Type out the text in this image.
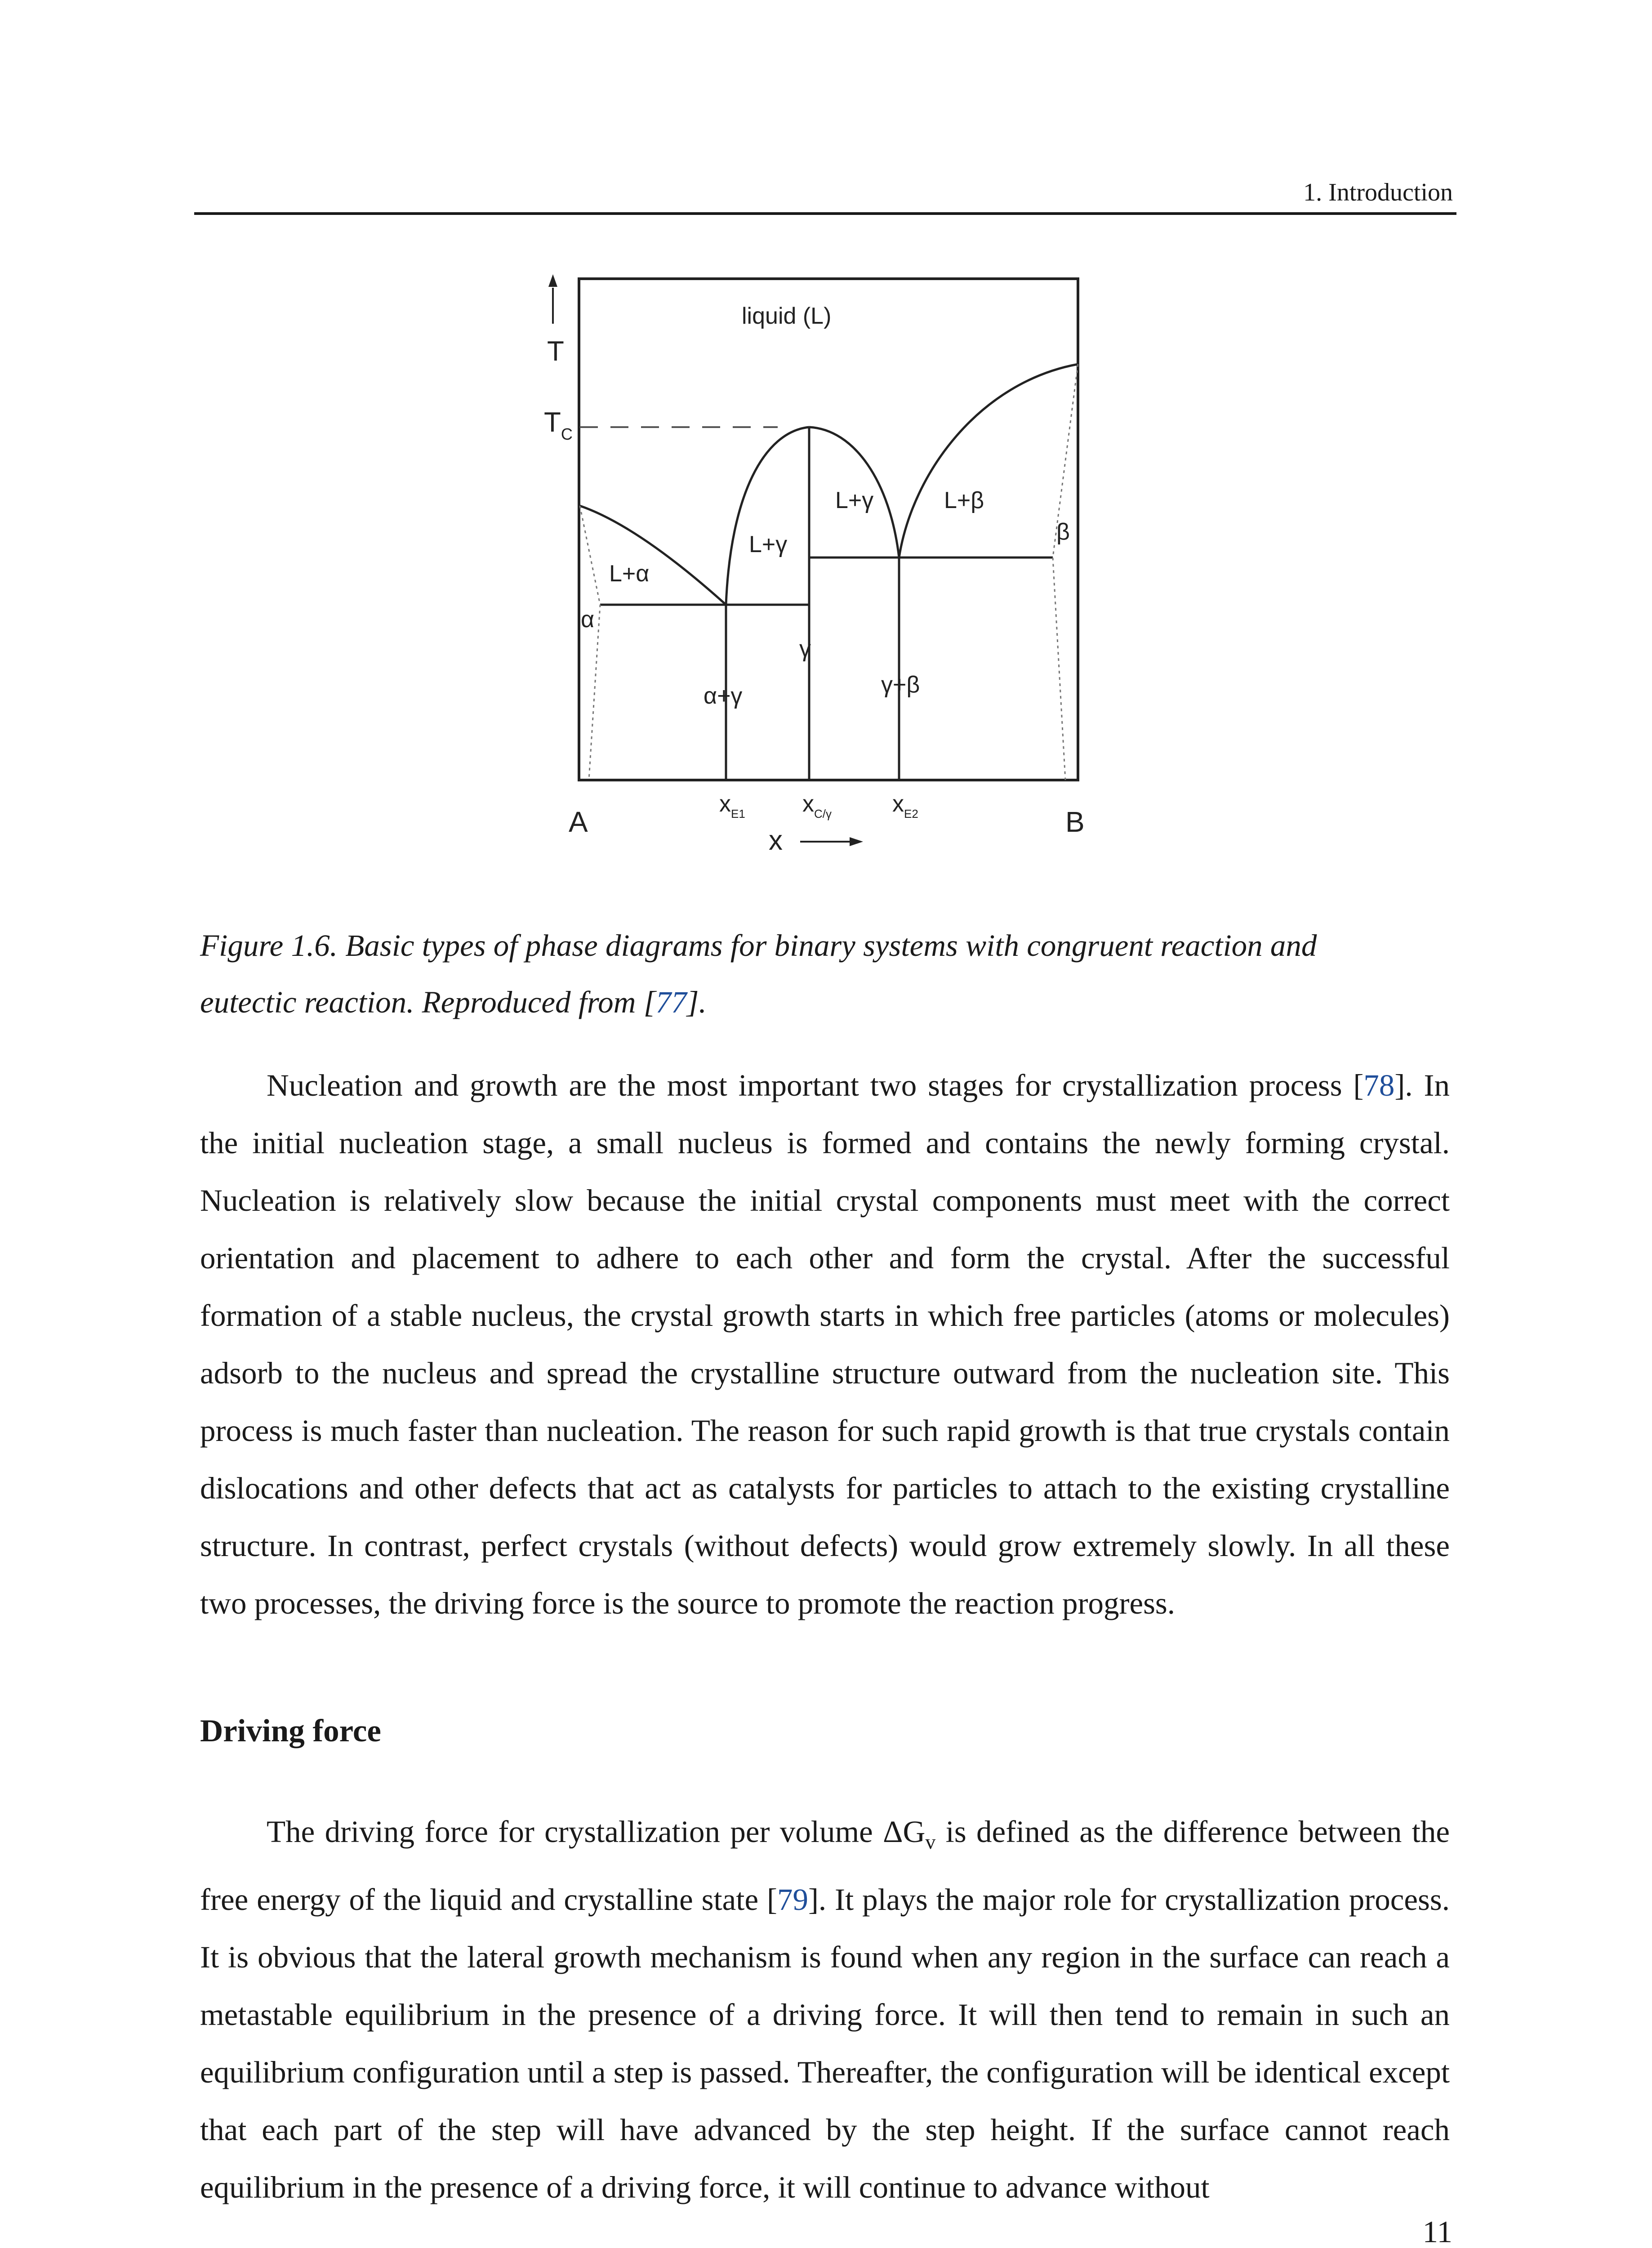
1. Introduction
T
$T_C$
liquid (L)
L+α
L+γ
L+γ	L+β
α
β
γ
α+γ	γ+β
$x_{E1}$ $x_{C/\gamma}$	$x_{E2}$
A	B
x
Figure 1.6. Basic types of phase diagrams for binary systems with congruent reaction and
eutectic reaction. Reproduced from [77].

Nucleation and growth are the most important two stages for crystallization process [78]. In the initial nucleation stage, a small nucleus is formed and contains the newly forming crystal. Nucleation is relatively slow because the initial crystal components must meet with the correct orientation and placement to adhere to each other and form the crystal. After the successful formation of a stable nucleus, the crystal growth starts in which free particles (atoms or molecules) adsorb to the nucleus and spread the crystalline structure outward from the nucleation site. This process is much faster than nucleation. The reason for such rapid growth is that true crystals contain dislocations and other defects that act as catalysts for particles to attach to the existing crystalline structure. In contrast, perfect crystals (without defects) would grow extremely slowly. In all these two processes, the driving force is the source to promote the reaction progress.

Driving force

The driving force for crystallization per volume $\Delta G_v$ is defined as the difference between the free energy of the liquid and crystalline state [79]. It plays the major role for crystallization process. It is obvious that the lateral growth mechanism is found when any region in the surface can reach a metastable equilibrium in the presence of a driving force. It will then tend to remain in such an equilibrium configuration until a step is passed. Thereafter, the configuration will be identical except that each part of the step will have advanced by the step height. If the surface cannot reach equilibrium in the presence of a driving force, it will continue to advance without

11
